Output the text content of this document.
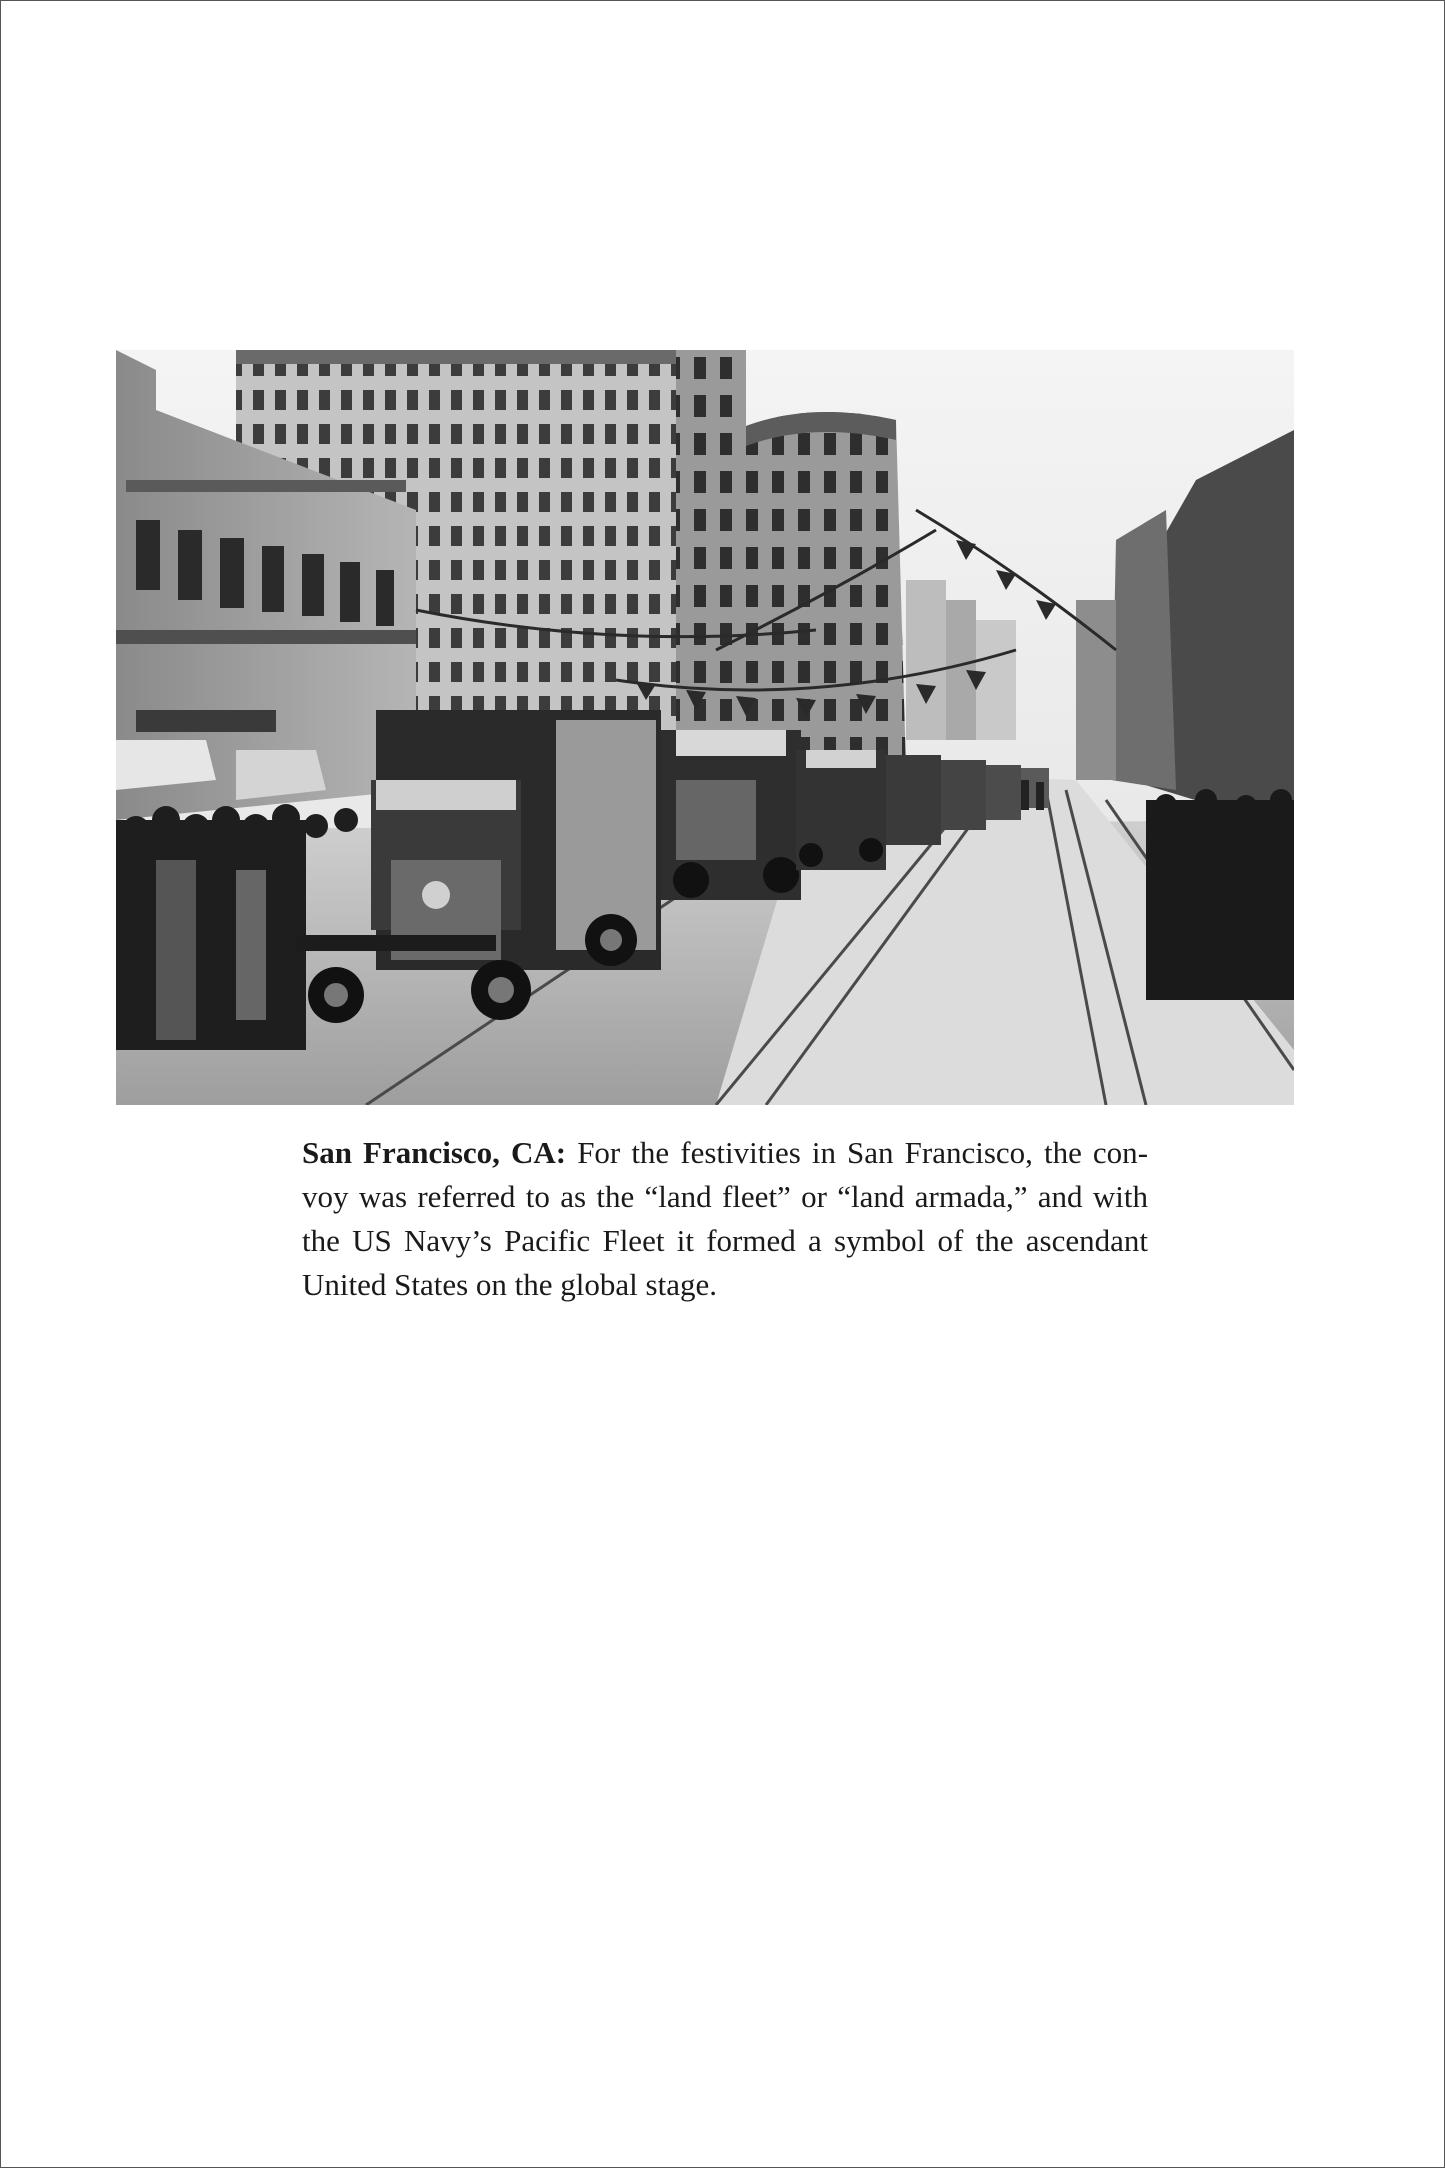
San Francisco, CA: For the festivities in San Francisco, the convoy was referred to as the “land fleet” or “land armada,” and with the US Navy’s Pacific Fleet it formed a symbol of the ascendant United States on the global stage.
